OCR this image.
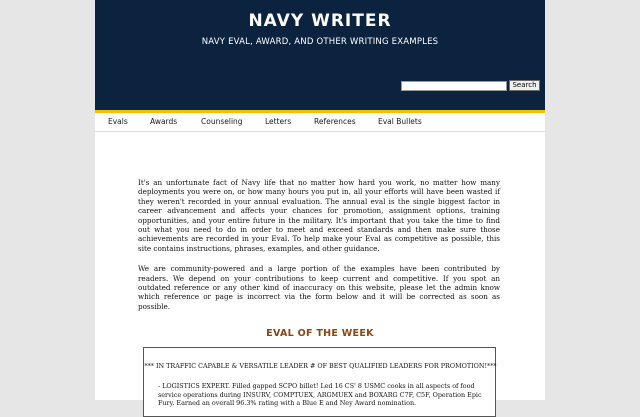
NAVY WRITER
NAVY EVAL, AWARD, AND OTHER WRITING EXAMPLES
Search
Evals	Awards	Counseling	Letters	References	Eval Bullets

It's an unfortunate fact of Navy life that no matter how hard you work, no matter how many deployments you were on, or how many hours you put in, all your efforts will have been wasted if they weren't recorded in your annual evaluation. The annual eval is the single biggest factor in career advancement and affects your chances for promotion, assignment options, training opportunities, and your entire future in the military. It's important that you take the time to find out what you need to do in order to meet and exceed standards and then make sure those achievements are recorded in your Eval. To help make your Eval as competitive as possible, this site contains instructions, phrases, examples, and other guidance.

We are community-powered and a large portion of the examples have been contributed by readers. We depend on your contributions to keep current and competitive. If you spot an outdated reference or any other kind of inaccuracy on this website, please let the admin know which reference or page is incorrect via the form below and it will be corrected as soon as possible.

EVAL OF THE WEEK
*** IN TRAFFIC CAPABLE & VERSATILE LEADER # OF BEST QUALIFIED LEADERS FOR PROMOTION!***
- LOGISTICS EXPERT. Filled gapped SCPO billet! Led 16 CS' 8 USMC cooks in all aspects of food service operations during INSURV, COMPTUEX, ARGMUEX and BOXARG C7F, C5F, Operation Epic Fury. Earned an overall 96.3% rating with a Blue E and Ney Award nomination.
